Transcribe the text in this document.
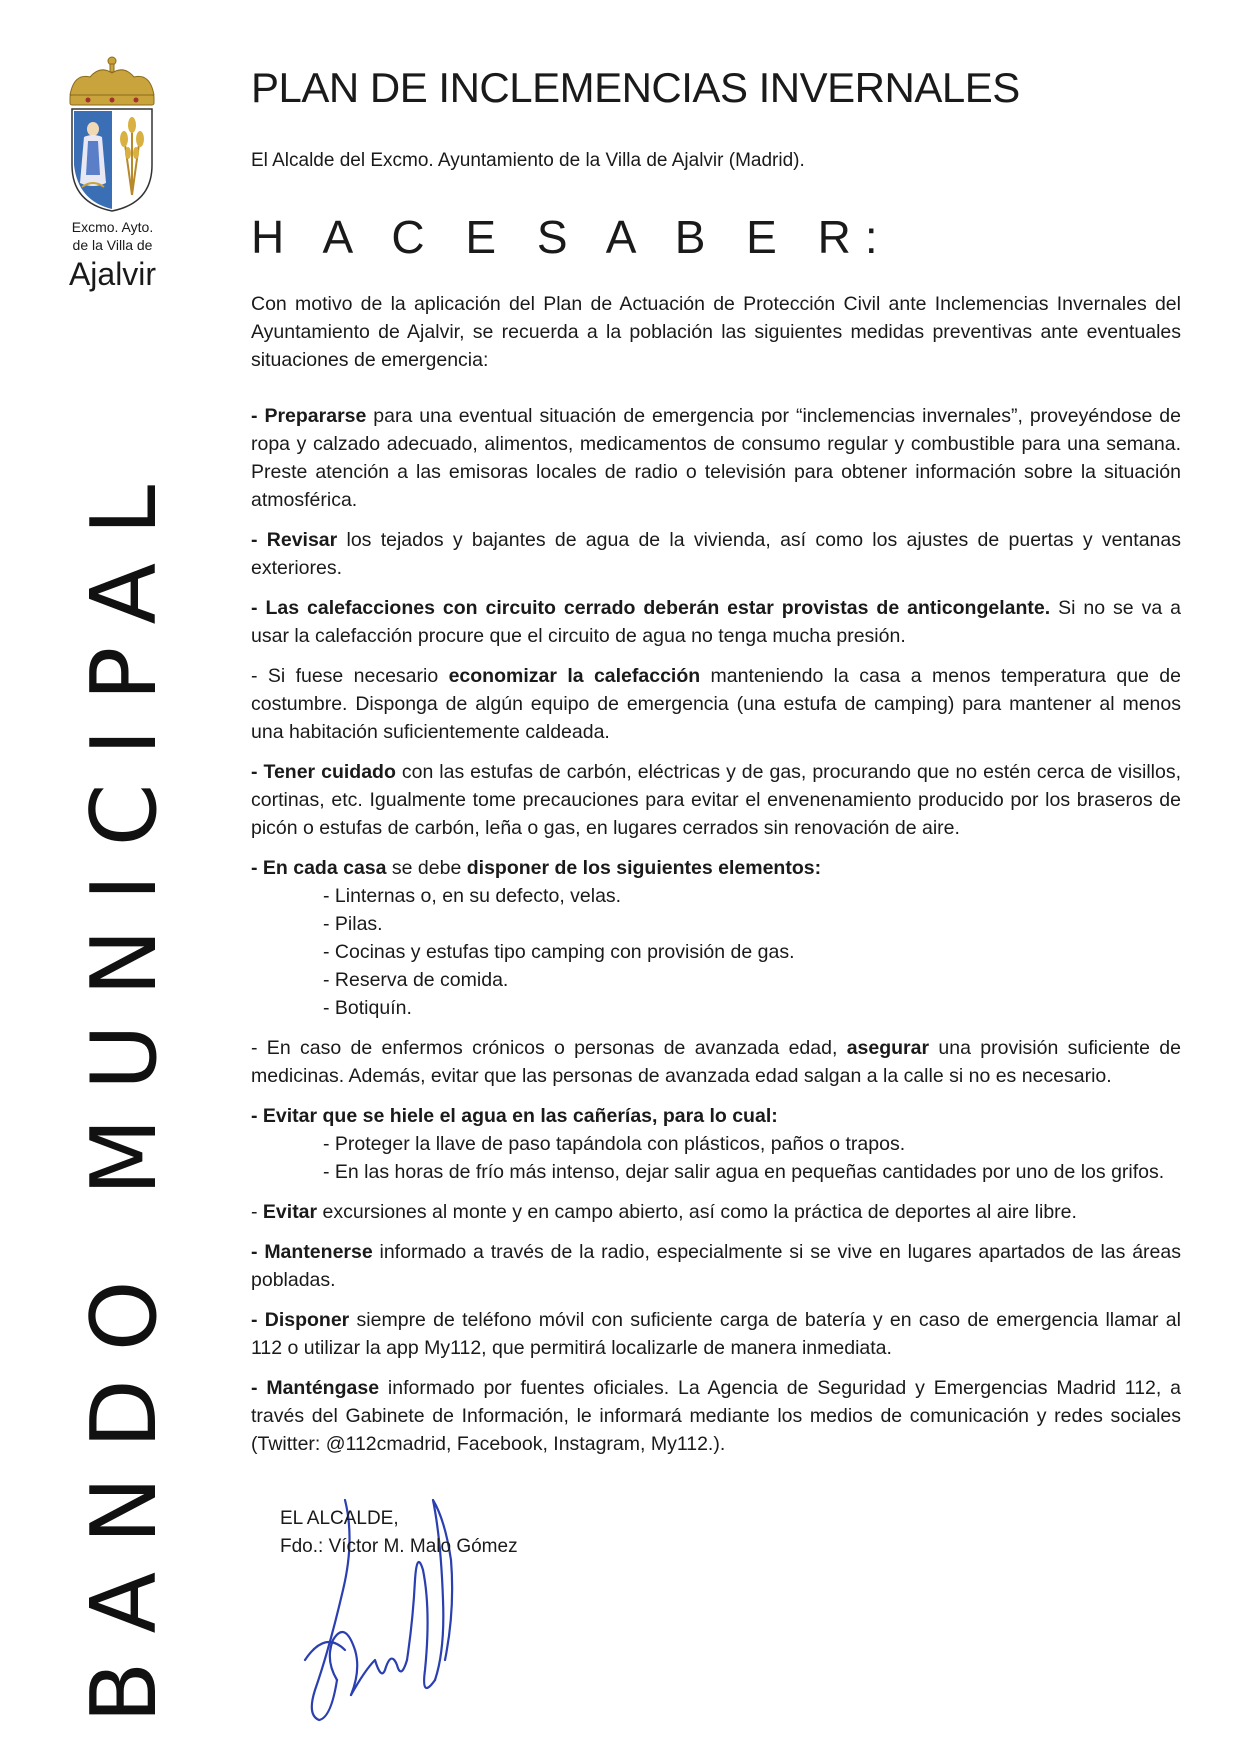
Excmo. Ayto.
de la Villa de
Ajalvir
BANDO MUNICIPAL
PLAN DE INCLEMENCIAS INVERNALES
El Alcalde del Excmo. Ayuntamiento de la Villa de Ajalvir (Madrid).
H A C E S A B E R:

Con motivo de la aplicación del Plan de Actuación de Protección Civil ante Inclemencias Invernales del Ayuntamiento de Ajalvir, se recuerda a la población las siguientes medidas preventivas ante eventuales situaciones de emergencia:

- Prepararse para una eventual situación de emergencia por “inclemencias invernales”, proveyéndose de ropa y calzado adecuado, alimentos, medicamentos de consumo regular y combustible para una semana. Preste atención a las emisoras locales de radio o televisión para obtener información sobre la situación atmosférica.

- Revisar los tejados y bajantes de agua de la vivienda, así como los ajustes de puertas y ventanas exteriores.

- Las calefacciones con circuito cerrado deberán estar provistas de anticongelante. Si no se va a usar la calefacción procure que el circuito de agua no tenga mucha presión.

- Si fuese necesario economizar la calefacción manteniendo la casa a menos temperatura que de costumbre. Disponga de algún equipo de emergencia (una estufa de camping) para mantener al menos una habitación suficientemente caldeada.

- Tener cuidado con las estufas de carbón, eléctricas y de gas, procurando que no estén cerca de visillos, cortinas, etc. Igualmente tome precauciones para evitar el envenenamiento producido por los braseros de picón o estufas de carbón, leña o gas, en lugares cerrados sin renovación de aire.

- En cada casa se debe disponer de los siguientes elementos:

- Linternas o, en su defecto, velas.
- Pilas.
- Cocinas y estufas tipo camping con provisión de gas.
- Reserva de comida.
- Botiquín.

- En caso de enfermos crónicos o personas de avanzada edad, asegurar una provisión suficiente de medicinas. Además, evitar que las personas de avanzada edad salgan a la calle si no es necesario.

- Evitar que se hiele el agua en las cañerías, para lo cual:

- Proteger la llave de paso tapándola con plásticos, paños o trapos.
- En las horas de frío más intenso, dejar salir agua en pequeñas cantidades por uno de los grifos.

- Evitar excursiones al monte y en campo abierto, así como la práctica de deportes al aire libre.

- Mantenerse informado a través de la radio, especialmente si se vive en lugares apartados de las áreas pobladas.

- Disponer siempre de teléfono móvil con suficiente carga de batería y en caso de emergencia llamar al 112 o utilizar la app My112, que permitirá localizarle de manera inmediata.

- Manténgase informado por fuentes oficiales. La Agencia de Seguridad y Emergencias Madrid 112, a través del Gabinete de Información, le informará mediante los medios de comunicación y redes sociales (Twitter: @112cmadrid, Facebook, Instagram, My112.).

EL ALCALDE,
Fdo.: Víctor M. Malo Gómez
